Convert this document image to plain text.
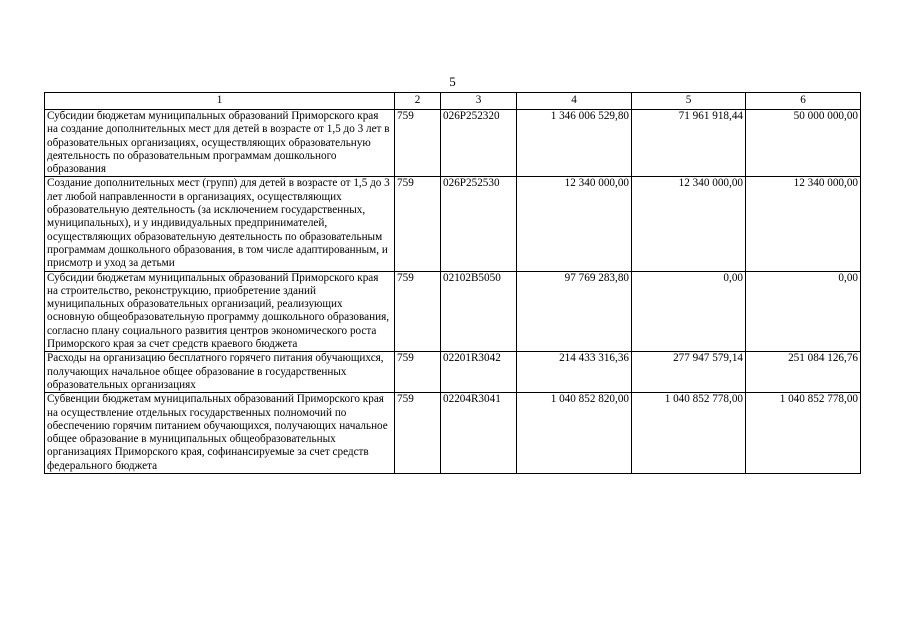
5
1	2	3	4	5	6
Субсидии бюджетам муниципальных образований Приморского края на создание дополнительных мест для детей в возрасте от 1,5 до 3 лет в образовательных организациях, осуществляющих образовательную деятельность по образовательным программам дошкольного образования	759	026P252320	1 346 006 529,80	71 961 918,44	50 000 000,00
Создание дополнительных мест (групп) для детей в возрасте от 1,5 до 3 лет любой направленности в организациях, осуществляющих образовательную деятельность (за исключением государственных, муниципальных), и у индивидуальных предпринимателей, осуществляющих образовательную деятельность по образовательным программам дошкольного образования, в том числе адаптированным, и присмотр и уход за детьми	759	026P252530	12 340 000,00	12 340 000,00	12 340 000,00
Субсидии бюджетам муниципальных образований Приморского края на строительство, реконструкцию, приобретение зданий муниципальных образовательных организаций, реализующих основную общеобразовательную программу дошкольного образования, согласно плану социального развития центров экономического роста Приморского края за счет средств краевого бюджета	759	02102B5050	97 769 283,80	0,00	0,00
Расходы на организацию бесплатного горячего питания обучающихся, получающих начальное общее образование в государственных образовательных организациях	759	02201R3042	214 433 316,36	277 947 579,14	251 084 126,76
Субвенции бюджетам муниципальных образований Приморского края на осуществление отдельных государственных полномочий по обеспечению горячим питанием обучающихся, получающих начальное общее образование в муниципальных общеобразовательных организациях Приморского края, софинансируемые за счет средств федерального бюджета	759	02204R3041	1 040 852 820,00	1 040 852 778,00	1 040 852 778,00
